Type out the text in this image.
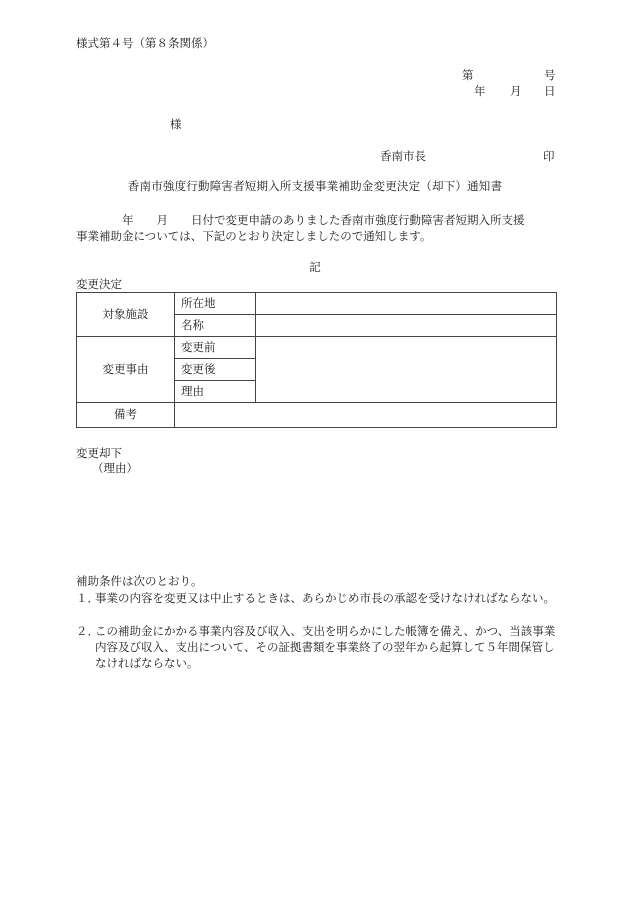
様式第４号（第８条関係）
第	号
年 月 日
様
香南市長	印
香南市強度行動障害者短期入所支援事業補助金変更決定（却下）通知書
年　　月　　日付で変更申請のありました香南市強度行動障害者短期入所支援
事業補助金については、下記のとおり決定しましたので通知します。
記
変更決定
対象施設	所在地	
	名称	
変更事由	変更前	
	変更後	
	理由	
備考		
変更却下
（理由）
補助条件は次のとおり。
１．
事業の内容を変更又は中止するときは、あらかじめ市長の承認を受けなければならない。
２．
この補助金にかかる事業内容及び収入、支出を明らかにした帳簿を備え、かつ、当該事業内容及び収入、支出について、その証拠書類を事業終了の翌年から起算して５年間保管しなければならない。
